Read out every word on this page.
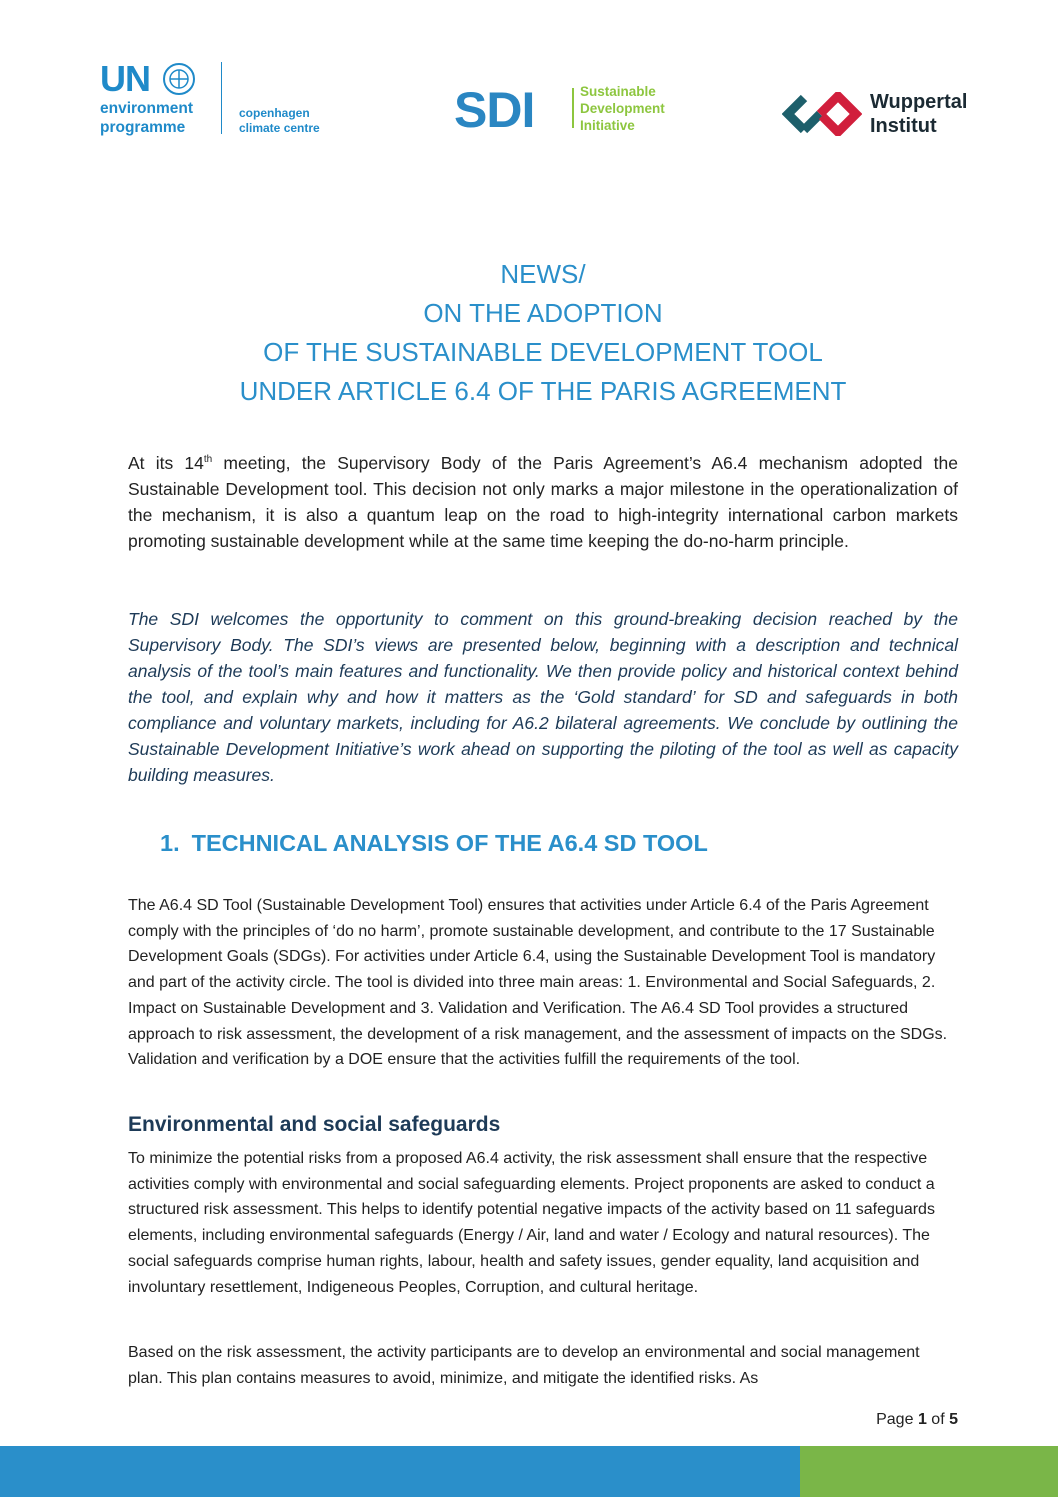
UN
environment
programme
copenhagen
climate centre	SDI	Sustainable
Development
Initiative
Wuppertal
Institut

NEWS/

ON THE ADOPTION

OF THE SUSTAINABLE DEVELOPMENT TOOL

UNDER ARTICLE 6.4 OF THE PARIS AGREEMENT

At its 14th meeting, the Supervisory Body of the Paris Agreement’s A6.4 mechanism adopted the Sustainable Development tool. This decision not only marks a major milestone in the operationalization of the mechanism, it is also a quantum leap on the road to high-integrity international carbon markets promoting sustainable development while at the same time keeping the do-no-harm principle.

The SDI welcomes the opportunity to comment on this ground-breaking decision reached by the Supervisory Body. The SDI’s views are presented below, beginning with a description and technical analysis of the tool’s main features and functionality. We then provide policy and historical context behind the tool, and explain why and how it matters as the ‘Gold standard’ for SD and safeguards in both compliance and voluntary markets, including for A6.2 bilateral agreements. We conclude by outlining the Sustainable Development Initiative’s work ahead on supporting the piloting of the tool as well as capacity building measures.

1. TECHNICAL ANALYSIS OF THE A6.4 SD TOOL

The A6.4 SD Tool (Sustainable Development Tool) ensures that activities under Article 6.4 of the Paris Agreement comply with the principles of ‘do no harm’, promote sustainable development, and contribute to the 17 Sustainable Development Goals (SDGs). For activities under Article 6.4, using the Sustainable Development Tool is mandatory and part of the activity circle. The tool is divided into three main areas: 1. Environmental and Social Safeguards, 2. Impact on Sustainable Development and 3. Validation and Verification. The A6.4 SD Tool provides a structured approach to risk assessment, the development of a risk management, and the assessment of impacts on the SDGs. Validation and verification by a DOE ensure that the activities fulfill the requirements of the tool.

Environmental and social safeguards

To minimize the potential risks from a proposed A6.4 activity, the risk assessment shall ensure that the respective activities comply with environmental and social safeguarding elements. Project proponents are asked to conduct a structured risk assessment. This helps to identify potential negative impacts of the activity based on 11 safeguards elements, including environmental safeguards (Energy / Air, land and water / Ecology and natural resources). The social safeguards comprise human rights, labour, health and safety issues, gender equality, land acquisition and involuntary resettlement, Indigeneous Peoples, Corruption, and cultural heritage.

Based on the risk assessment, the activity participants are to develop an environmental and social management plan. This plan contains measures to avoid, minimize, and mitigate the identified risks. As

Page 1 of 5
